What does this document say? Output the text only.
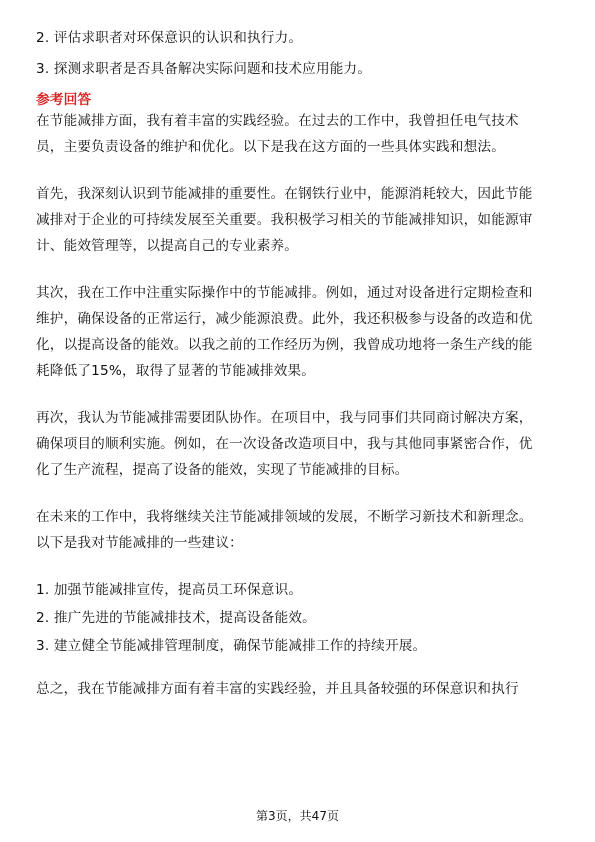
2. 评估求职者对环保意识的认识和执行力。
3. 探测求职者是否具备解决实际问题和技术应用能力。
参考回答
在节能减排方面，我有着丰富的实践经验。在过去的工作中，我曾担任电气技术
员，主要负责设备的维护和优化。以下是我在这方面的一些具体实践和想法。
首先，我深刻认识到节能减排的重要性。在钢铁行业中，能源消耗较大，因此节能
减排对于企业的可持续发展至关重要。我积极学习相关的节能减排知识，如能源审
计、能效管理等，以提高自己的专业素养。
其次，我在工作中注重实际操作中的节能减排。例如，通过对设备进行定期检查和
维护，确保设备的正常运行，减少能源浪费。此外，我还积极参与设备的改造和优
化，以提高设备的能效。以我之前的工作经历为例，我曾成功地将一条生产线的能
耗降低了15%，取得了显著的节能减排效果。
再次，我认为节能减排需要团队协作。在项目中，我与同事们共同商讨解决方案，
确保项目的顺利实施。例如，在一次设备改造项目中，我与其他同事紧密合作，优
化了生产流程，提高了设备的能效，实现了节能减排的目标。
在未来的工作中，我将继续关注节能减排领域的发展，不断学习新技术和新理念。
以下是我对节能减排的一些建议：
1. 加强节能减排宣传，提高员工环保意识。
2. 推广先进的节能减排技术，提高设备能效。
3. 建立健全节能减排管理制度，确保节能减排工作的持续开展。
总之，我在节能减排方面有着丰富的实践经验，并且具备较强的环保意识和执行
第3页，共47页
